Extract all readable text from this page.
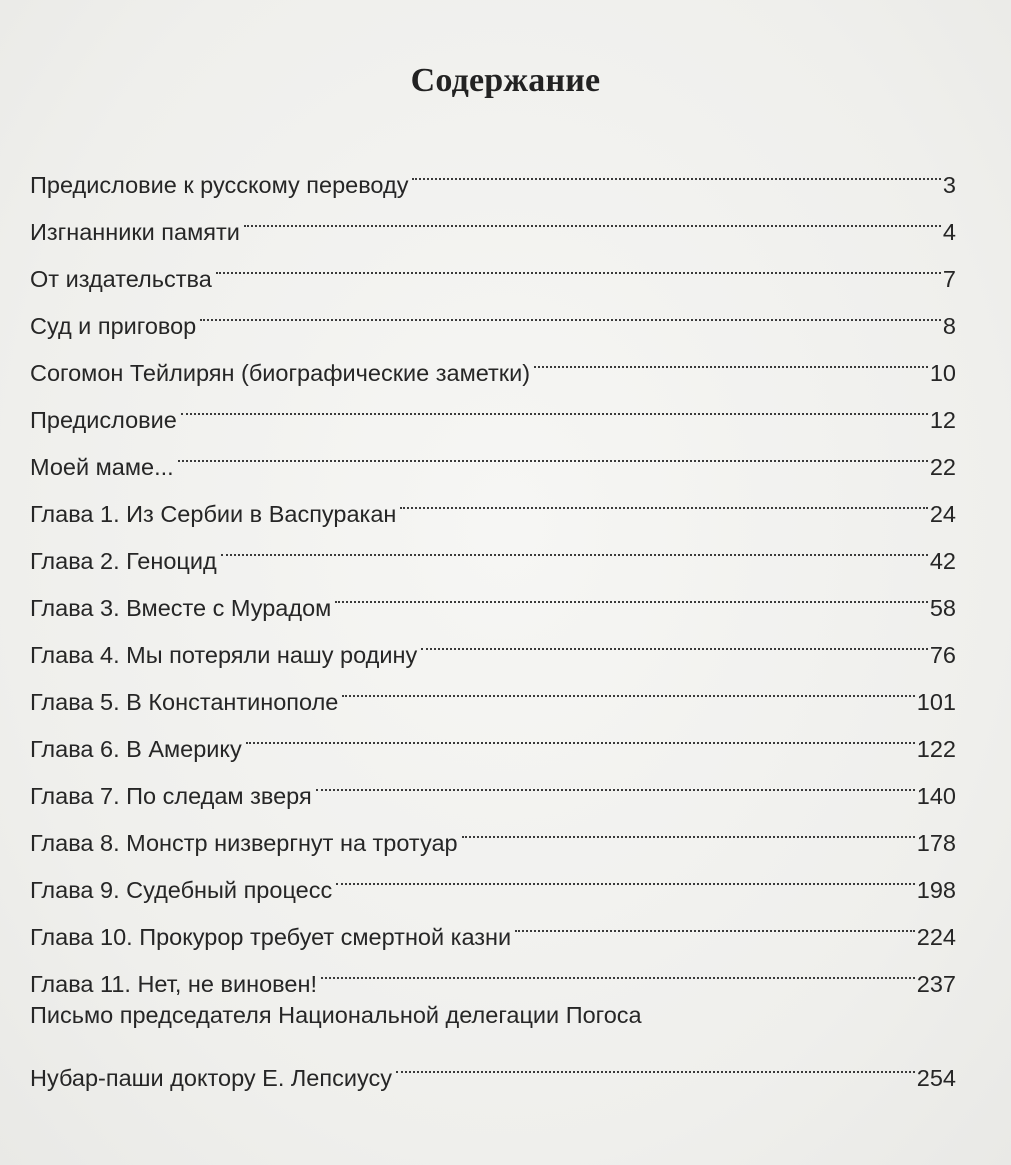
Содержание
Предисловие к русскому переводу	3
Изгнанники памяти	4
От издательства	7
Суд и приговор	8
Согомон Тейлирян (биографические заметки)	10
Предисловие	12
Моей маме...	22
Глава 1. Из Сербии в Васпуракан	24
Глава 2. Геноцид	42
Глава 3. Вместе с Мурадом	58
Глава 4. Мы потеряли нашу родину	76
Глава 5. В Константинополе	101
Глава 6. В Америку	122
Глава 7. По следам зверя	140
Глава 8. Монстр низвергнут на тротуар	178
Глава 9. Судебный процесс	198
Глава 10. Прокурор требует смертной казни	224
Глава 11. Нет, не виновен!	237
Письмо председателя Национальной делегации Погоса
Нубар-паши доктору Е. Лепсиусу	254
